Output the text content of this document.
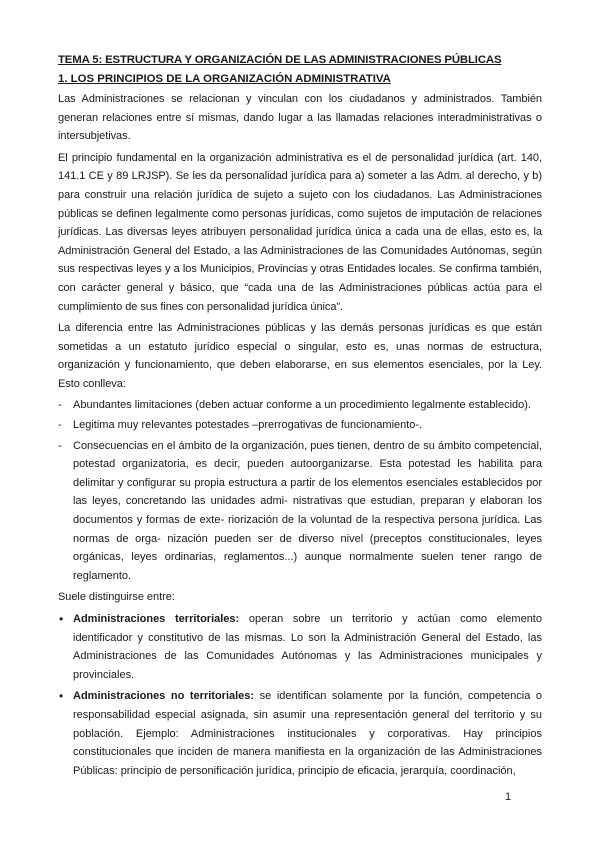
TEMA 5: ESTRUCTURA Y ORGANIZACIÓN DE LAS ADMINISTRACIONES PÚBLICAS
1. LOS PRINCIPIOS DE LA ORGANIZACIÓN ADMINISTRATIVA

Las Administraciones se relacionan y vinculan con los ciudadanos y administrados. También generan relaciones entre sí mismas, dando lugar a las llamadas relaciones interadministrativas o intersubjetivas.

El principio fundamental en la organización administrativa es el de personalidad jurídica (art. 140, 141.1 CE y 89 LRJSP). Se les da personalidad jurídica para a) someter a las Adm. al derecho, y b) para construir una relación jurídica de sujeto a sujeto con los ciudadanos. Las Administraciones públicas se definen legalmente como personas jurídicas, como sujetos de imputación de relaciones jurídicas. Las diversas leyes atribuyen personalidad jurídica única a cada una de ellas, esto es, la Administración General del Estado, a las Administraciones de las Comunidades Autónomas, según sus respectivas leyes y a los Municipios, Provincias y otras Entidades locales. Se confirma también, con carácter general y básico, que “cada una de las Administraciones públicas actúa para el cumplimiento de sus fines con personalidad jurídica única”.

La diferencia entre las Administraciones públicas y las demás personas jurídicas es que están sometidas a un estatuto jurídico especial o singular, esto es, unas normas de estructura, organización y funcionamiento, que deben elaborarse, en sus elementos esenciales, por la Ley. Esto conlleva:

- Abundantes limitaciones (deben actuar conforme a un procedimiento legalmente establecido).
- Legitima muy relevantes potestades –prerrogativas de funcionamiento-.
- Consecuencias en el ámbito de la organización, pues tienen, dentro de su ámbito competencial, potestad organizatoria, es decir, pueden autoorganizarse. Esta potestad les habilita para delimitar y configurar su propia estructura a partir de los elementos esenciales establecidos por las leyes, concretando las unidades admi- nistrativas que estudian, preparan y elaboran los documentos y formas de exte- riorización de la voluntad de la respectiva persona jurídica. Las normas de orga- nización pueden ser de diverso nivel (preceptos constitucionales, leyes orgánicas, leyes ordinarias, reglamentos...) aunque normalmente suelen tener rango de reglamento.

Suele distinguirse entre:

• Administraciones territoriales: operan sobre un territorio y actúan como elemento identificador y constitutivo de las mismas. Lo son la Administración General del Estado, las Administraciones de las Comunidades Autónomas y las Administraciones municipales y provinciales.
• Administraciones no territoriales: se identifican solamente por la función, competencia o responsabilidad especial asignada, sin asumir una representación general del territorio y su población. Ejemplo: Administraciones institucionales y corporativas. Hay principios constitucionales que inciden de manera manifiesta en la organización de las Administraciones Públicas: principio de personificación jurídica, principio de eficacia, jerarquía, coordinación,
1
